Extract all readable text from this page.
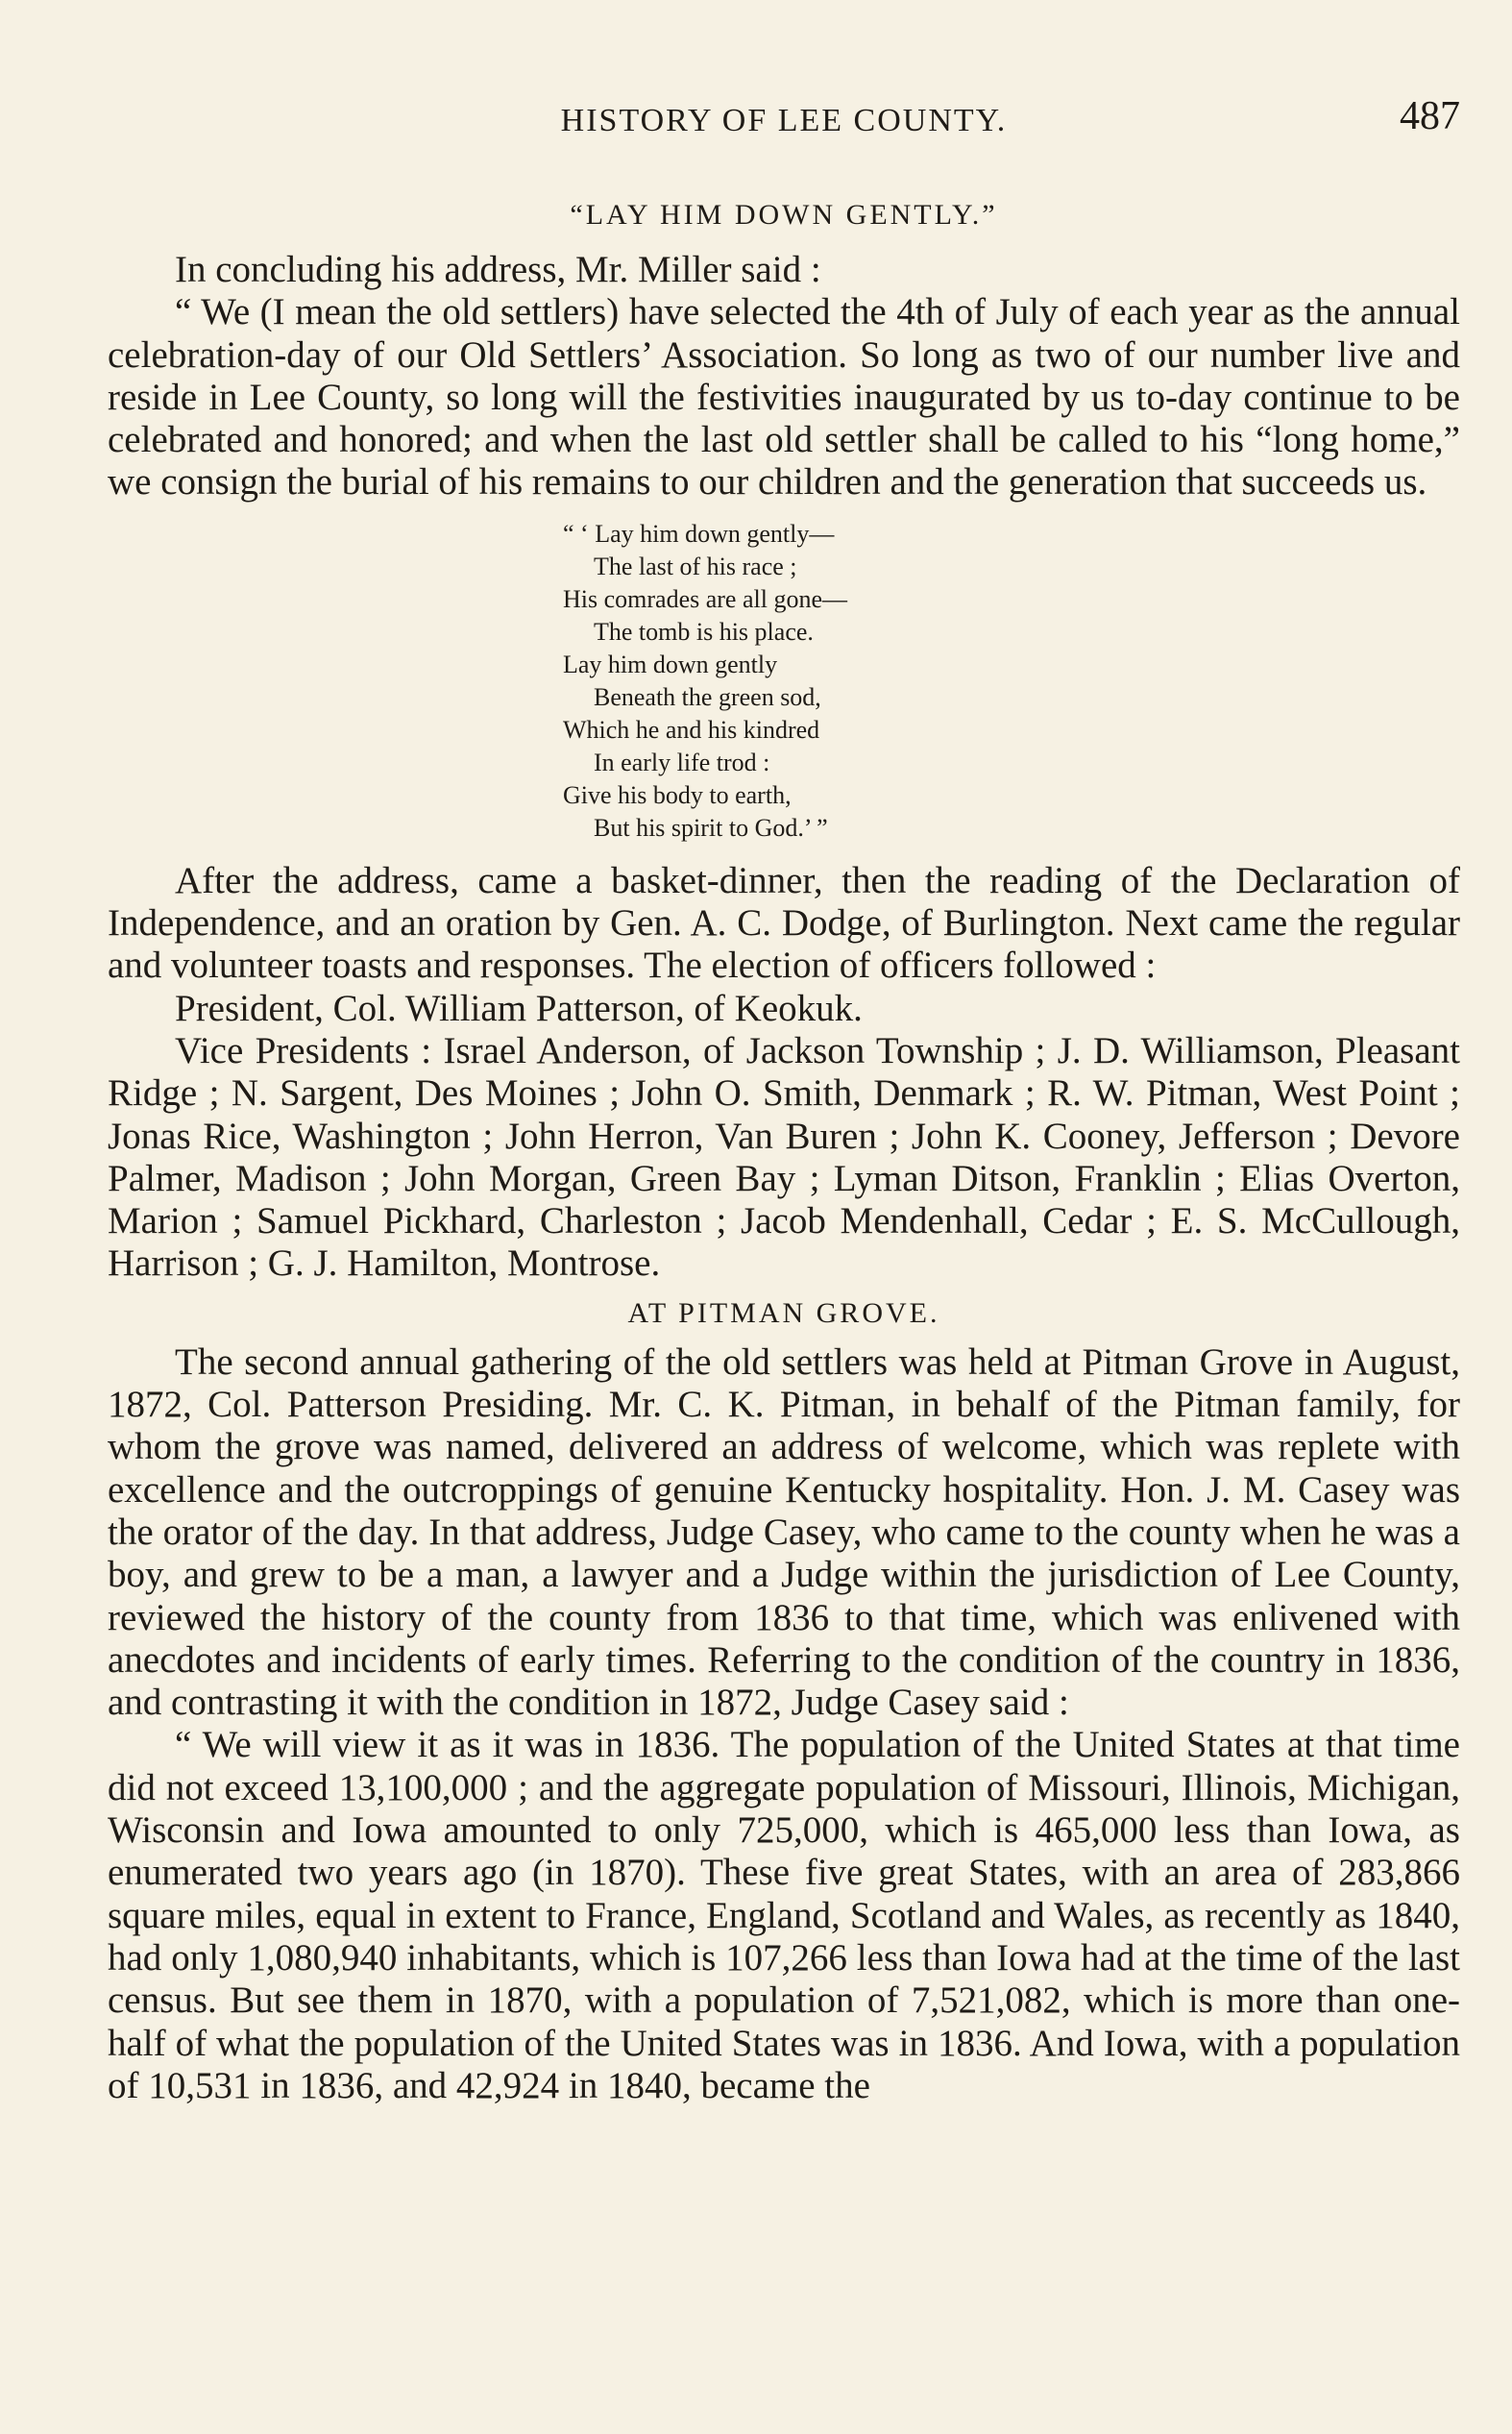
HISTORY OF LEE COUNTY.	487
“LAY HIM DOWN GENTLY.”

In concluding his address, Mr. Miller said :

“ We (I mean the old settlers) have selected the 4th of July of each year as the annual celebration-day of our Old Settlers’ Association. So long as two of our number live and reside in Lee County, so long will the festivities inaugurated by us to-day continue to be celebrated and honored; and when the last old settler shall be called to his “long home,” we consign the burial of his remains to our children and the generation that succeeds us.

“ ‘ Lay him down gently—
The last of his race ;
His comrades are all gone—
The tomb is his place.
Lay him down gently
Beneath the green sod,
Which he and his kindred
In early life trod :
Give his body to earth,
But his spirit to God.’ ”

After the address, came a basket-dinner, then the reading of the Declaration of Independence, and an oration by Gen. A. C. Dodge, of Burlington. Next came the regular and volunteer toasts and responses. The election of officers followed :

President, Col. William Patterson, of Keokuk.

Vice Presidents : Israel Anderson, of Jackson Township ; J. D. Williamson, Pleasant Ridge ; N. Sargent, Des Moines ; John O. Smith, Denmark ; R. W. Pitman, West Point ; Jonas Rice, Washington ; John Herron, Van Buren ; John K. Cooney, Jefferson ; Devore Palmer, Madison ; John Morgan, Green Bay ; Lyman Ditson, Franklin ; Elias Overton, Marion ; Samuel Pickhard, Charleston ; Jacob Mendenhall, Cedar ; E. S. McCullough, Harrison ; G. J. Hamilton, Montrose.

AT PITMAN GROVE.

The second annual gathering of the old settlers was held at Pitman Grove in August, 1872, Col. Patterson Presiding. Mr. C. K. Pitman, in behalf of the Pitman family, for whom the grove was named, delivered an address of welcome, which was replete with excellence and the outcroppings of genuine Kentucky hospitality. Hon. J. M. Casey was the orator of the day. In that address, Judge Casey, who came to the county when he was a boy, and grew to be a man, a lawyer and a Judge within the jurisdiction of Lee County, reviewed the history of the county from 1836 to that time, which was enlivened with anecdotes and incidents of early times. Referring to the condition of the country in 1836, and contrasting it with the condition in 1872, Judge Casey said :

“ We will view it as it was in 1836. The population of the United States at that time did not exceed 13,100,000 ; and the aggregate population of Missouri, Illinois, Michigan, Wisconsin and Iowa amounted to only 725,000, which is 465,000 less than Iowa, as enumerated two years ago (in 1870). These five great States, with an area of 283,866 square miles, equal in extent to France, England, Scotland and Wales, as recently as 1840, had only 1,080,940 inhabitants, which is 107,266 less than Iowa had at the time of the last census. But see them in 1870, with a population of 7,521,082, which is more than one-half of what the population of the United States was in 1836. And Iowa, with a population of 10,531 in 1836, and 42,924 in 1840, became the
